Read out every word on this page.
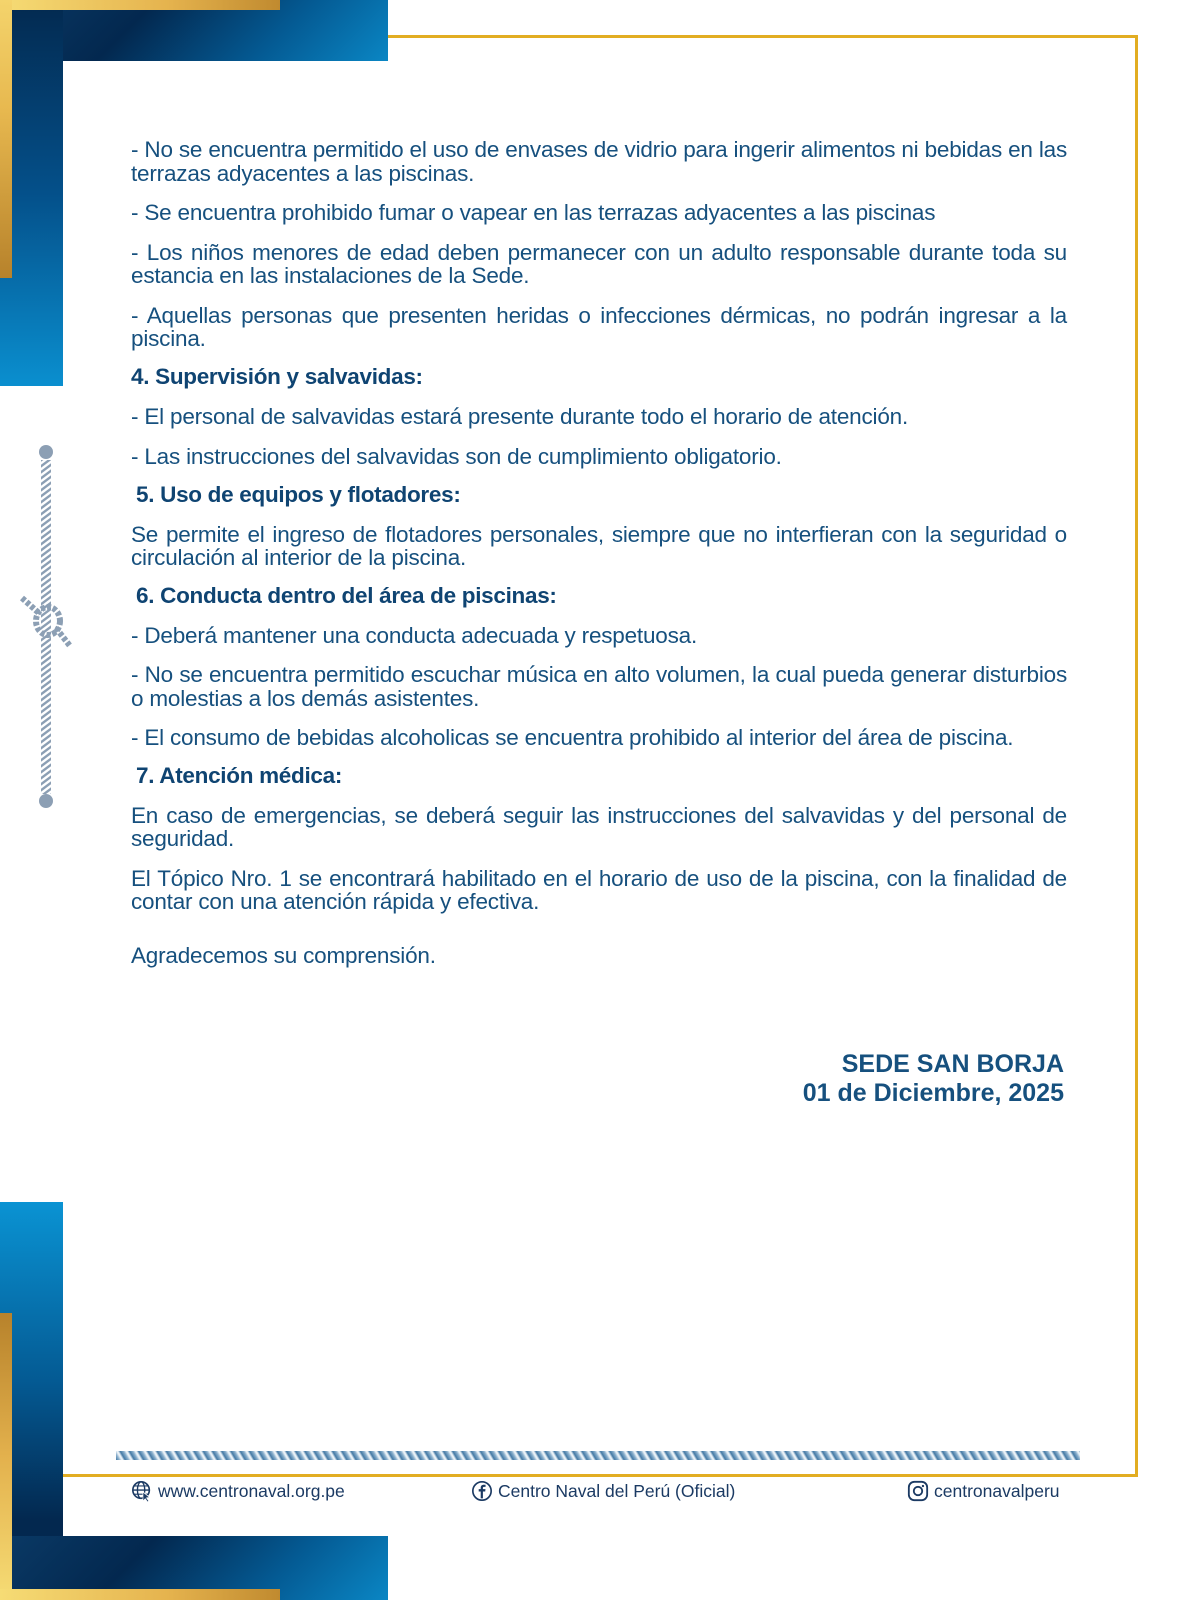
- No se encuentra permitido el uso de envases de vidrio para ingerir alimentos ni bebidas en las terrazas adyacentes a las piscinas.

- Se encuentra prohibido fumar o vapear en las terrazas adyacentes a las piscinas

- Los niños menores de edad deben permanecer con un adulto responsable durante toda su estancia en las instalaciones de la Sede.

- Aquellas personas que presenten heridas o infecciones dérmicas, no podrán ingresar a la piscina.

4. Supervisión y salvavidas:

- El personal de salvavidas estará presente durante todo el horario de atención.

- Las instrucciones del salvavidas son de cumplimiento obligatorio.

5. Uso de equipos y flotadores:

Se permite el ingreso de flotadores personales, siempre que no interfieran con la seguridad o circulación al interior de la piscina.

6. Conducta dentro del área de piscinas:

- Deberá mantener una conducta adecuada y respetuosa.

- No se encuentra permitido escuchar música en alto volumen, la cual pueda generar disturbios o molestias a los demás asistentes.

- El consumo de bebidas alcoholicas se encuentra prohibido al interior del área de piscina.

7. Atención médica:

En caso de emergencias, se deberá seguir las instrucciones del salvavidas y del personal de seguridad.

El Tópico Nro. 1 se encontrará habilitado en el horario de uso de la piscina, con la finalidad de contar con una atención rápida y efectiva.

Agradecemos su comprensión.

SEDE SAN BORJA
01 de Diciembre, 2025
www.centronaval.org.pe	Centro Naval del Perú (Oficial)	centronavalperu
